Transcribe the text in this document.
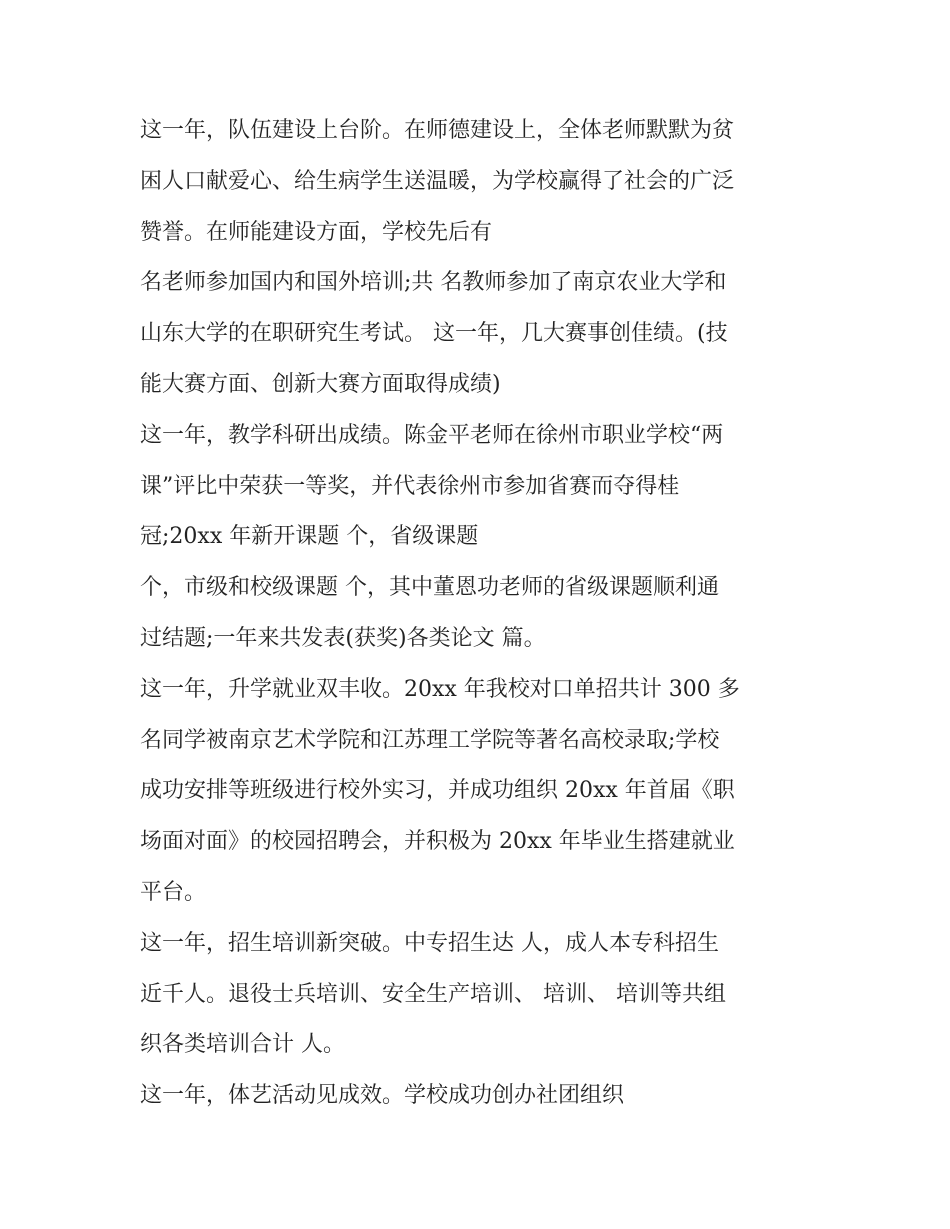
这一年，队伍建设上台阶。在师德建设上，全体老师默默为贫
困人口献爱心、给生病学生送温暖，为学校赢得了社会的广泛
赞誉。在师能建设方面，学校先后有
名老师参加国内和国外培训;共 名教师参加了南京农业大学和
山东大学的在职研究生考试。 这一年，几大赛事创佳绩。(技
能大赛方面、创新大赛方面取得成绩)
这一年，教学科研出成绩。陈金平老师在徐州市职业学校“两
课”评比中荣获一等奖，并代表徐州市参加省赛而夺得桂
冠;20xx 年新开课题 个，省级课题
个，市级和校级课题 个，其中董恩功老师的省级课题顺利通
过结题;一年来共发表(获奖)各类论文 篇。
这一年，升学就业双丰收。20xx 年我校对口单招共计 300 多
名同学被南京艺术学院和江苏理工学院等著名高校录取;学校
成功安排等班级进行校外实习，并成功组织 20xx 年首届《职
场面对面》的校园招聘会，并积极为 20xx 年毕业生搭建就业
平台。
这一年，招生培训新突破。中专招生达 人，成人本专科招生
近千人。退役士兵培训、安全生产培训、 培训、 培训等共组
织各类培训合计 人。
这一年，体艺活动见成效。学校成功创办社团组织
